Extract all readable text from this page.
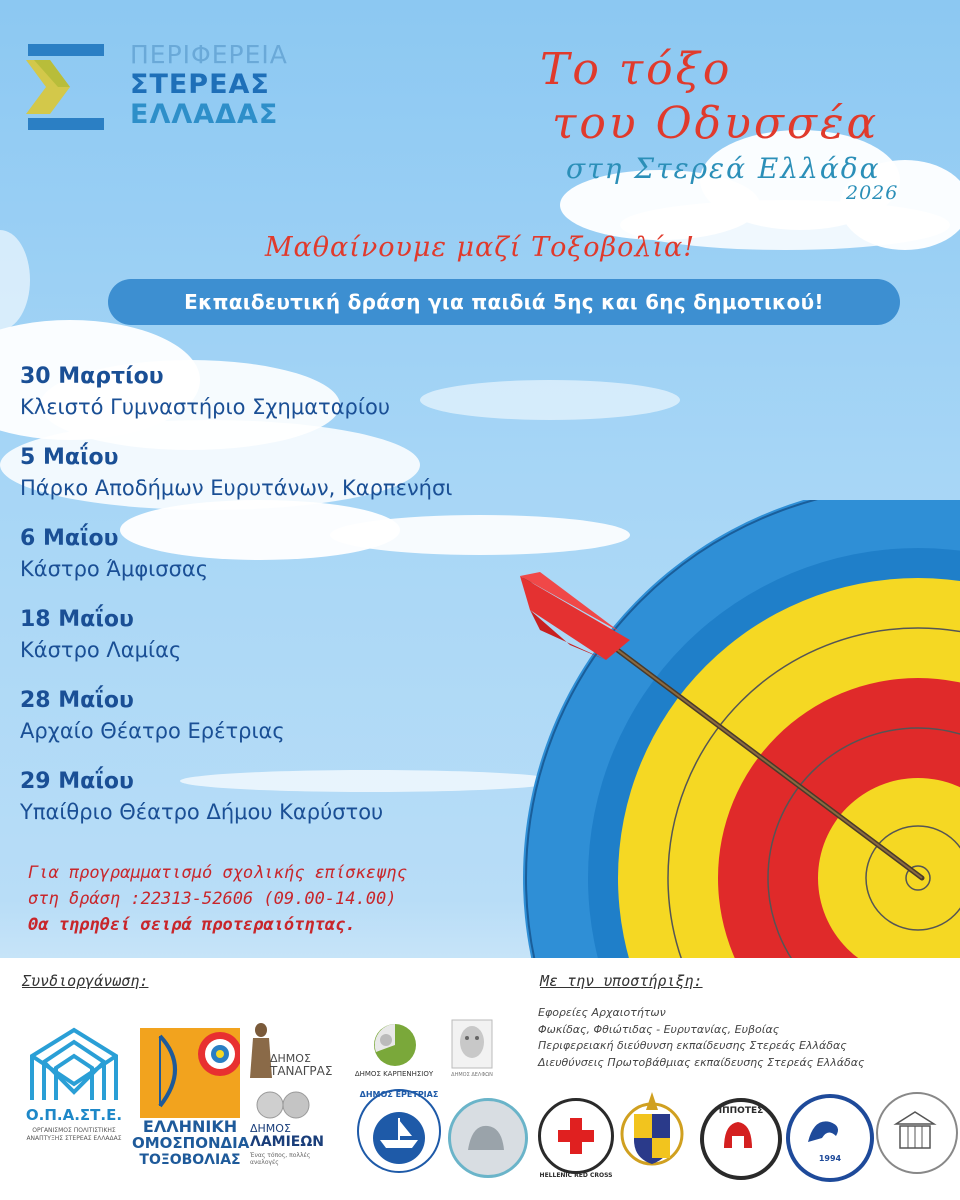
ΠΕΡΙΦΕΡΕΙΑ
ΣΤΕΡΕΑΣ
ΕΛΛΑΔΑΣ
Το τόξο
του Οδυσσέα
στη Στερεά Ελλάδα
2026
Μαθαίνουμε μαζί Τοξοβολία!
Εκπαιδευτική δράση για παιδιά 5ης και 6ης δημοτικού!
30 Μαρτίου
Κλειστό Γυμναστήριο Σχηματαρίου
5 Μαΐου
Πάρκο Αποδήμων Ευρυτάνων, Καρπενήσι
6 Μαΐου
Κάστρο Άμφισσας
18 Μαΐου
Κάστρο Λαμίας
28 Μαΐου
Αρχαίο Θέατρο Ερέτριας
29 Μαΐου
Υπαίθριο Θέατρο Δήμου Καρύστου
Για προγραμματισμό σχολικής επίσκεψης
στη δράση :22313-52606 (09.00-14.00)
Θα τηρηθεί σειρά προτεραιότητας.
Συνδιοργάνωση:	Με την υποστήριξη:
Εφορείες Αρχαιοτήτων
Φωκίδας, Φθιώτιδας - Ευρυτανίας, Ευβοίας
Περιφερειακή διεύθυνση εκπαίδευσης Στερεάς Ελλάδας
Διευθύνσεις Πρωτοβάθμιας εκπαίδευσης Στερεάς Ελλάδας
Ο.Π.Α.ΣΤ.Ε.
ΟΡΓΑΝΙΣΜΟΣ ΠΟΛΙΤΙΣΤΙΚΗΣ
ΑΝΑΠΤΥΞΗΣ ΣΤΕΡΕΑΣ ΕΛΛΑΔΑΣ
ΕΛΛΗΝΙΚΗ
ΟΜΟΣΠΟΝΔΙΑ
ΤΟΞΟΒΟΛΙΑΣ
ΔΗΜΟΣ
ΤΑΝΑΓΡΑΣ
ΔΗΜΟΣ
ΛΑΜΙΕΩΝ
Ένας τόπος, πολλές αναλογές
ΔΗΜΟΣ ΚΑΡΠΕΝΗΣΙΟΥ	ΔΗΜΟΣ ΔΕΛΦΩΝ
ΔΗΜΟΣ ΕΡΕΤΡΙΑΣ
HELLENIC RED CROSS
ΙΠΠΟΤΕΣ
1994
